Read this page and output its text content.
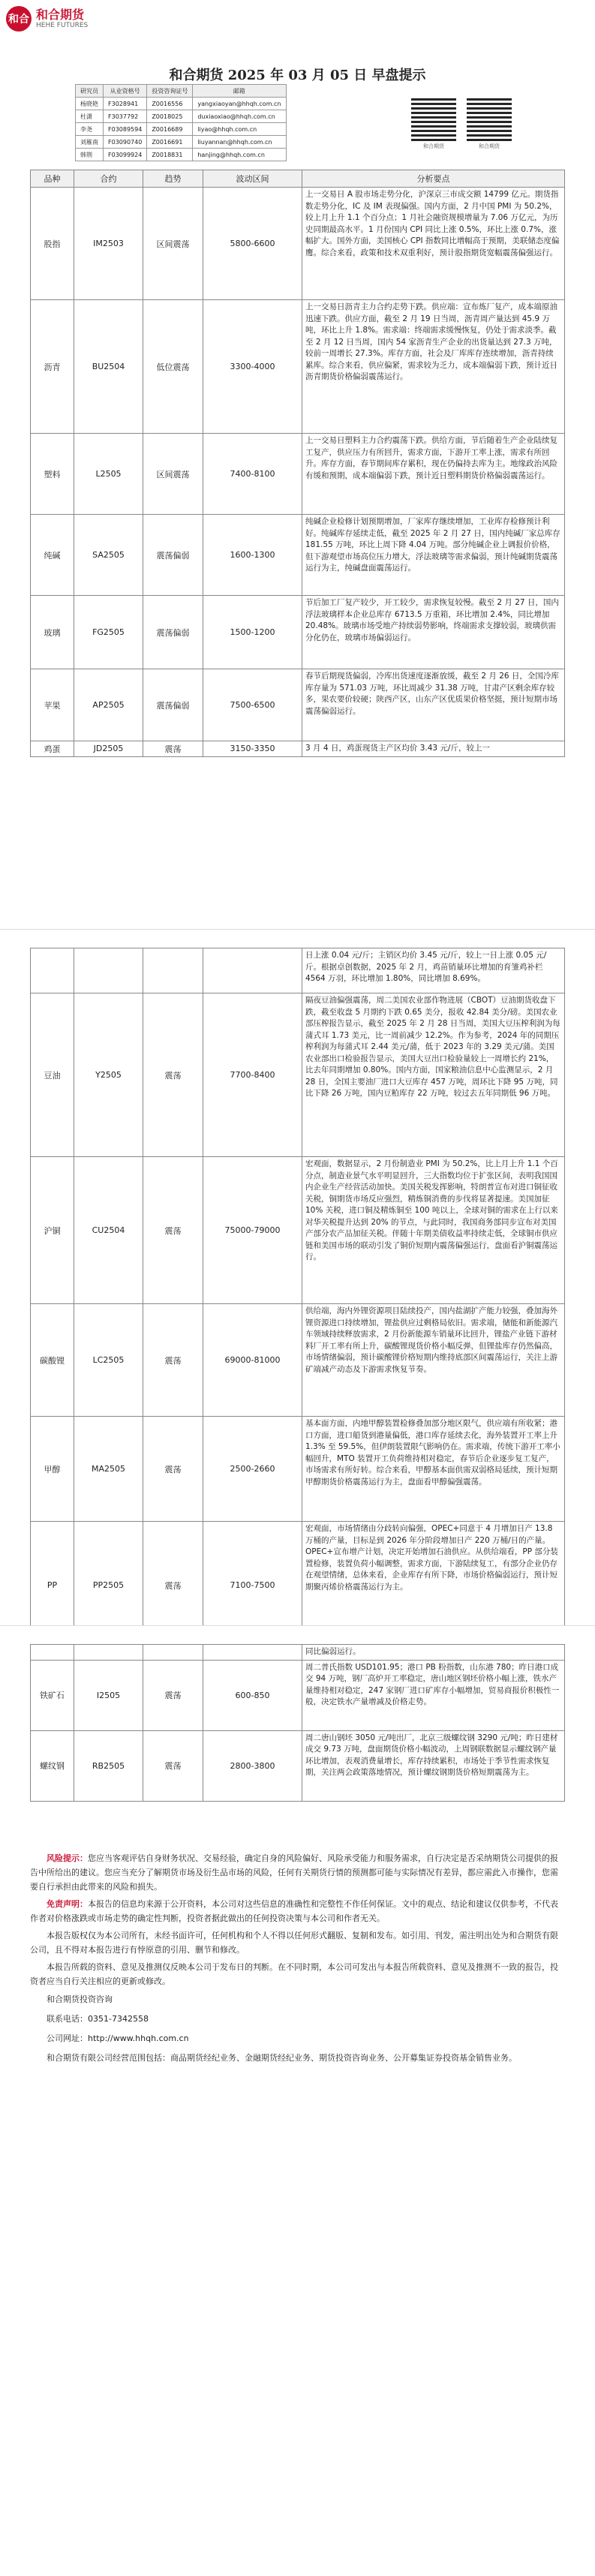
和合 和合期货
HEHE FUTURES
和合期货 2025 年 03 月 05 日 早盘提示
研究员	从业资格号	投资咨询证号	邮箱
杨晓艳	F3028941	Z0016556	yangxiaoyan@hhqh.com.cn
杜潇	F3037792	Z0018025	duxiaoxiao@hhqh.com.cn
李尧	F03089594	Z0016689	liyao@hhqh.com.cn
刘雁南	F03090740	Z0016691	liuyannan@hhqh.com.cn
韩荆	F03099924	Z0018831	hanjing@hhqh.com.cn
和合期货	和合期货
品种	合约	趋势	波动区间	分析要点
股指	IM2503	区间震荡	5800-6600	上一交易日 A 股市场走势分化，沪深京三市成交额 14799 亿元。期货指数走势分化，IC 及 IM 表现偏强。国内方面，2 月中国 PMI 为 50.2%，较上月上升 1.1 个百分点；1 月社会融资规模增量为 7.06 万亿元，为历史同期最高水平。1 月份国内 CPI 同比上涨 0.5%，环比上涨 0.7%，涨幅扩大。国外方面，美国核心 CPI 指数同比增幅高于预期，美联储态度偏鹰。综合来看，政策和技术双重利好，预计股指期货宽幅震荡偏强运行。
沥青	BU2504	低位震荡	3300-4000	上一交易日沥青主力合约走势下跌。供应端：宣布炼厂复产，成本端原油迅速下跌。供应方面，截至 2 月 19 日当周，沥青周产量达到 45.9 万吨，环比上升 1.8%。需求端：终端需求缓慢恢复，仍处于需求淡季。截至 2 月 12 日当周，国内 54 家沥青生产企业的出货量达到 27.3 万吨，较前一周增长 27.3%。库存方面，社会及厂库库存连续增加，沥青持续累库。综合来看，供应偏紧，需求较为乏力，成本端偏弱下跌，预计近日沥青期货价格偏弱震荡运行。
塑料	L2505	区间震荡	7400-8100	上一交易日塑料主力合约震荡下跌。供给方面，节后随着生产企业陆续复工复产，供应压力有所回升，需求方面，下游开工率上涨，需求有所回升。库存方面，春节期间库存累积，现在仍偏持去库为主。地缘政治风险有缓和预期，成本端偏弱下跌，预计近日塑料期货价格偏弱震荡运行。
纯碱	SA2505	震荡偏弱	1600-1300	纯碱企业检修计划预期增加，厂家库存继续增加，工业库存检修预计利好。纯碱库存延续走低，截至 2025 年 2 月 27 日，国内纯碱厂家总库存 181.55 万吨，环比上周下降 4.04 万吨。部分纯碱企业上调报价价格，但下游观望市场高位压力增大，浮法玻璃等需求偏弱，预计纯碱期货震荡运行为主，纯碱盘面震荡运行。
玻璃	FG2505	震荡偏弱	1500-1200	节后加工厂复产较少，开工较少，需求恢复较慢。截至 2 月 27 日，国内浮法玻璃样本企业总库存 6713.5 万重箱，环比增加 2.4%，同比增加 20.48%。玻璃市场受地产持续弱势影响，终端需求支撑较弱，玻璃供需分化仍在，玻璃市场偏弱运行。
苹果	AP2505	震荡偏弱	7500-6500	春节后期现货偏弱，冷库出货速度逐渐放缓，截至 2 月 26 日，全国冷库库存量为 571.03 万吨，环比周减少 31.38 万吨，甘肃产区剩余库存较多，果农要价较硬；陕西产区，山东产区优质果价格坚挺，预计短期市场震荡偏弱运行。
鸡蛋	JD2505	震荡	3150-3350	3 月 4 日，鸡蛋现货主产区均价 3.43 元/斤，较上一
				日上涨 0.04 元/斤；主销区均价 3.45 元/斤，较上一日上涨 0.05 元/斤。根据卓创数据，2025 年 2 月，鸡苗销量环比增加的育雏鸡补栏 4564 万羽，环比增加 1.80%，同比增加 8.69%。
豆油	Y2505	震荡	7700-8400	隔夜豆油偏强震荡，周二美国农业部作物进展（CBOT）豆油期货收盘下跌，截至收盘 5 月期约下跌 0.65 美分，报收 42.84 美分/磅。美国农业部压榨报告显示，截至 2025 年 2 月 28 日当周，美国大豆压榨利润为每蒲式耳 1.73 美元，比一周前减少 12.2%。作为参考，2024 年的同期压榨利润为每蒲式耳 2.44 美元/蒲，低于 2023 年的 3.29 美元/蒲。美国农业部出口检验报告显示，美国大豆出口检验量较上一周增长约 21%，比去年同期增加 0.80%。国内方面，国家粮油信息中心监测显示，2 月 28 日，全国主要油厂进口大豆库存 457 万吨，周环比下降 95 万吨，同比下降 26 万吨，国内豆粕库存 22 万吨，较过去五年同期低 96 万吨。
沪铜	CU2504	震荡	75000-79000	宏观面，数据显示，2 月份制造业 PMI 为 50.2%，比上月上升 1.1 个百分点，制造业景气水平明显回升，三大指数均位于扩张区间，表明我国国内企业生产经营活动加快。美国关税发挥影响，特朗普宣布对进口铜征收关税，铜期货市场反应强烈，精炼铜消费的步伐将显著提速。美国加征 10% 关税，进口铜及精炼铜至 100 吨以上，全球对铜的需求在上行以来对华关税提升达到 20% 的节点，与此同时，我国商务部同步宣布对美国产部分农产品加征关税。伴随十年期美债收益率持续走低，全球铜市供应链和美国市场的联动引发了铜价短期内震荡偏强运行，盘面看沪铜震荡运行。
碳酸锂	LC2505	震荡	69000-81000	供给端，海内外锂资源项目陆续投产，国内盐湖扩产能力较强，叠加海外锂资源进口持续增加，锂盐供应过剩格局依旧。需求端，储能和新能源汽车领域持续释放需求，2 月份新能源车销量环比回升，锂盐产业链下游材料厂开工率有所上升，碳酸锂现货价格小幅反弹，但锂盐库存仍然偏高，市场情绪偏弱，预计碳酸锂价格短期内维持底部区间震荡运行，关注上游矿端减产动态及下游需求恢复节奏。
甲醇	MA2505	震荡	2500-2660	基本面方面，内地甲醇装置检修叠加部分地区限气，供应端有所收紧；港口方面，进口船货到港量偏低，港口库存延续去化，海外装置开工率上升 1.3% 至 59.5%，但伊朗装置限气影响仍在。需求端，传统下游开工率小幅回升，MTO 装置开工负荷维持相对稳定，春节后企业逐步复工复产，市场需求有所好转。综合来看，甲醇基本面供需双弱格局延续，预计短期甲醇期货价格震荡运行为主，盘面看甲醇偏强震荡。
PP	PP2505	震荡	7100-7500	宏观面，市场情绪由分歧转向偏强，OPEC+同意于 4 月增加日产 13.8 万桶的产量，目标是到 2026 年分阶段增加日产 220 万桶/日的产量。OPEC+宣布增产计划，决定开始增加石油供应。从供给端看，PP 部分装置检修，装置负荷小幅调整，需求方面，下游陆续复工，有部分企业仍存在观望情绪，总体来看，企业库存有所下降，市场价格偏弱运行，预计短期聚丙烯价格震荡运行为主。
				同比偏弱运行。
铁矿石	I2505	震荡	600-850	周二普氏指数 USD101.95；港口 PB 粉指数，山东港 780；昨日港口成交 94 万吨，钢厂高炉开工率稳定，唐山地区钢坯价格小幅上涨，铁水产量维持相对稳定，247 家钢厂进口矿库存小幅增加，贸易商报价积极性一般，决定铁水产量增减及价格走势。
螺纹钢	RB2505	震荡	2800-3800	周二唐山钢坯 3050 元/吨出厂，北京三级螺纹钢 3290 元/吨；昨日建材成交 9.73 万吨，盘面期货价格小幅波动，上周钢联数据显示螺纹钢产量环比增加，表观消费量增长，库存持续累积，市场处于季节性需求恢复期，关注两会政策落地情况，预计螺纹钢期货价格短期震荡为主。

风险提示：您应当客观评估自身财务状况、交易经验，确定自身的风险偏好、风险承受能力和服务需求，自行决定是否采纳期货公司提供的报告中所给出的建议。您应当充分了解期货市场及衍生品市场的风险，任何有关期货行情的预测都可能与实际情况有差异，都应需此入市操作，您需要自行承担由此带来的风险和损失。

免责声明：本报告的信息均来源于公开资料，本公司对这些信息的准确性和完整性不作任何保证。文中的观点、结论和建议仅供参考，不代表作者对价格涨跌或市场走势的确定性判断，投资者据此做出的任何投资决策与本公司和作者无关。

本报告版权仅为本公司所有，未经书面许可，任何机构和个人不得以任何形式翻版、复制和发布。如引用、刊发，需注明出处为和合期货有限公司，且不得对本报告进行有悖原意的引用、删节和修改。

本报告所载的资料、意见及推测仅反映本公司于发布日的判断。在不同时期，本公司可发出与本报告所载资料、意见及推测不一致的报告，投资者应当自行关注相应的更新或修改。

和合期货投资咨询

联系电话：0351-7342558

公司网址：http://www.hhqh.com.cn

和合期货有限公司经营范围包括：商品期货经纪业务、金融期货经纪业务、期货投资咨询业务、公开募集证券投资基金销售业务。
